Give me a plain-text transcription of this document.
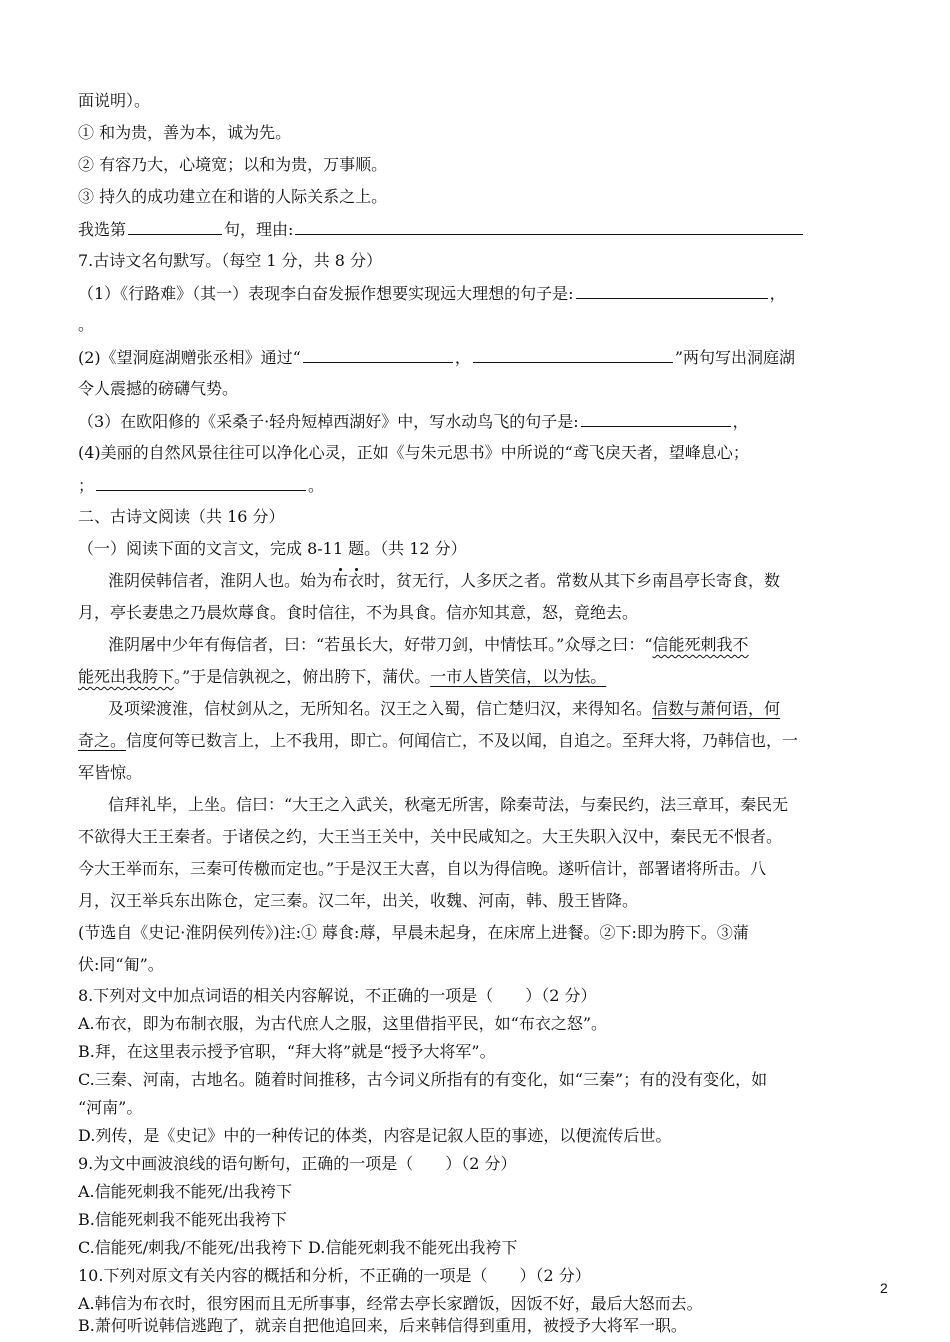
面说明）。
① 和为贵，善为本，诚为先。
② 有容乃大，心境宽；以和为贵，万事顺。
③ 持久的成功建立在和谐的人际关系之上。
我选第	句，理由:
7.古诗文名句默写。（每空 1 分，共 8 分）
（1）《行路难》（其一）表现李白奋发振作想要实现远大理想的句子是:	，
。
(2)《望洞庭湖赠张丞相》通过“	，	”两句写出洞庭湖
令人震撼的磅礴气势。
（3）在欧阳修的《采桑子·轻舟短棹西湖好》中，写水动鸟飞的句子是:	，
(4)美丽的自然风景往往可以净化心灵，正如《与朱元思书》中所说的“鸢飞戾天者，望峰息心；
；	。
二、古诗文阅读（共 16 分）
（一）阅读下面的文言文，完成 8-11 题。（共 12 分）
淮阴侯韩信者，淮阴人也。始为布衣时，贫无行，人多厌之者。常数从其下乡南昌亭长寄食，数
月，亭长妻患之乃晨炊蓐食。食时信往，不为具食。信亦知其意，怒，竟绝去。
淮阴屠中少年有侮信者，曰：“若虽长大，好带刀剑，中情怯耳。”众辱之曰：“信能死刺我不
能死出我胯下。”于是信孰视之，俯出胯下，蒲伏。一市人皆笑信，以为怯。
及项梁渡淮，信杖剑从之，无所知名。汉王之入蜀，信亡楚归汉，来得知名。信数与萧何语，何
奇之。信度何等已数言上，上不我用，即亡。何闻信亡，不及以闻，自追之。至拜大将，乃韩信也，一
军皆惊。
信拜礼毕，上坐。信曰：“大王之入武关，秋毫无所害，除秦苛法，与秦民约，法三章耳，秦民无
不欲得大王王秦者。于诸侯之约，大王当王关中，关中民咸知之。大王失职入汉中，秦民无不恨者。
今大王举而东，三秦可传檄而定也。”于是汉王大喜，自以为得信晚。遂听信计，部署诸将所击。八
月，汉王举兵东出陈仓，定三秦。汉二年，出关，收魏、河南，韩、殷王皆降。
(节选自《史记·淮阴侯列传》)注:① 蓐食:蓐，早晨未起身，在床席上进餐。②下:即为胯下。③蒲
伏:同“匍”。
8.下列对文中加点词语的相关内容解说，不正确的一项是（　　）（2 分）
A.布衣，即为布制衣服，为古代庶人之服，这里借指平民，如“布衣之怒”。
B.拜，在这里表示授予官职，“拜大将”就是“授予大将军”。
C.三秦、河南，古地名。随着时间推移，古今词义所指有的有变化，如“三秦”；有的没有变化，如
“河南”。
D.列传，是《史记》中的一种传记的体类，内容是记叙人臣的事迹，以便流传后世。
9.为文中画波浪线的语句断句，正确的一项是（　　）（2 分）
A.信能死刺我不能死/出我袴下
B.信能死刺我不能死出我袴下
C.信能死/刺我/不能死/出我袴下 D.信能死刺我不能死出我袴下
10.下列对原文有关内容的概括和分析，不正确的一项是（　　）（2 分）
2
A.韩信为布衣时，很穷困而且无所事事，经常去亭长家蹭饭，因饭不好，最后大怒而去。
B.萧何听说韩信逃跑了，就亲自把他追回来，后来韩信得到重用，被授予大将军一职。
